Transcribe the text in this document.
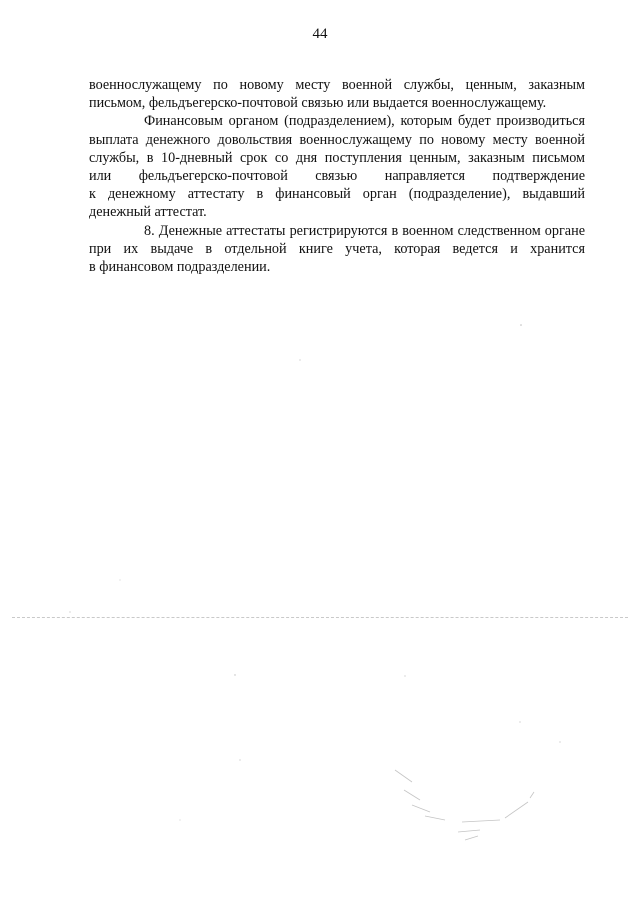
44

военнослужащему по новому месту военной службы, ценным, заказным
письмом, фельдъегерско-почтовой связью или выдается военнослужащему.

Финансовым органом (подразделением), которым будет производиться
выплата денежного довольствия военнослужащему по новому месту военной
службы, в 10-дневный срок со дня поступления ценным, заказным письмом
или фельдъегерско-почтовой связью направляется подтверждение
к денежному аттестату в финансовый орган (подразделение), выдавший
денежный аттестат.

8. Денежные аттестаты регистрируются в военном следственном органе
при их выдаче в отдельной книге учета, которая ведется и хранится
в финансовом подразделении.
